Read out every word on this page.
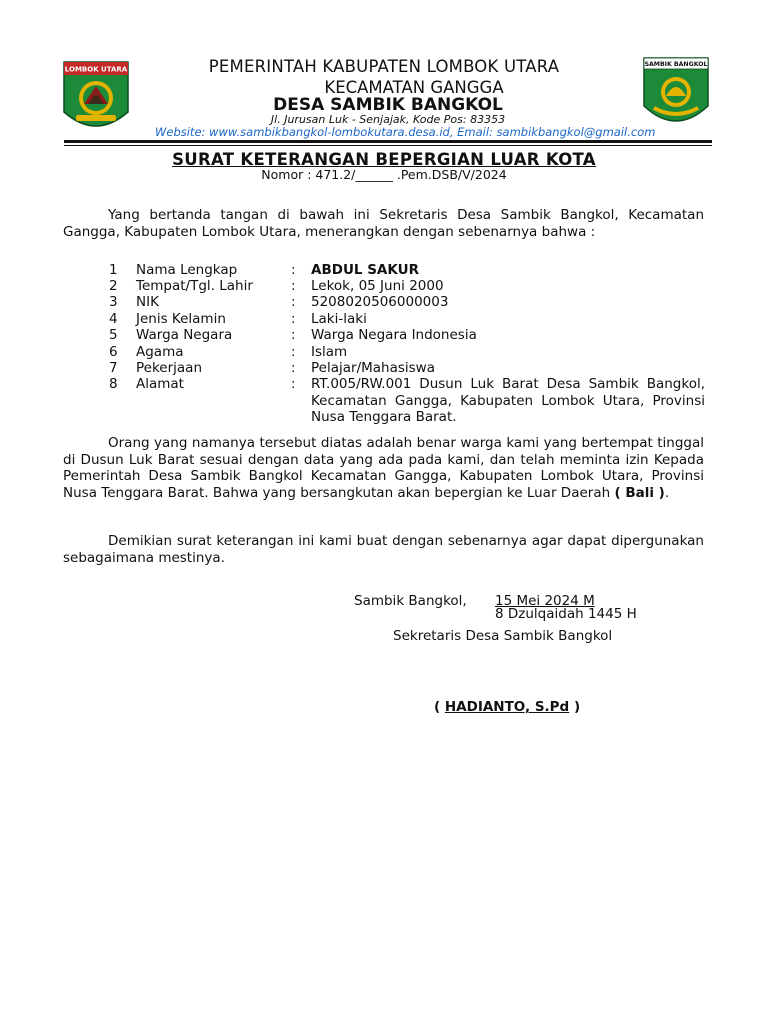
LOMBOK UTARA
SAMBIK BANGKOL
PEMERINTAH KABUPATEN LOMBOK UTARA
KECAMATAN GANGGA
DESA SAMBIK BANGKOL
Jl. Jurusan Luk - Senjajak, Kode Pos: 83353
Website: www.sambikbangkol-lombokutara.desa.id, Email: sambikbangkol@gmail.com
SURAT KETERANGAN BEPERGIAN LUAR KOTA
Nomor : 471.2/______ .Pem.DSB/V/2024
Yang bertanda tangan di bawah ini Sekretaris Desa Sambik Bangkol, Kecamatan Gangga, Kabupaten Lombok Utara, menerangkan dengan sebenarnya bahwa :
1 Nama Lengkap	: ABDUL SAKUR
2 Tempat/Tgl. Lahir	: Lekok, 05 Juni 2000
3 NIK	: 5208020506000003
4 Jenis Kelamin	: Laki-laki
5 Warga Negara	: Warga Negara Indonesia
6 Agama	: Islam
7 Pekerjaan	: Pelajar/Mahasiswa
8 Alamat	: RT.005/RW.001 Dusun Luk Barat Desa Sambik Bangkol, Kecamatan Gangga, Kabupaten Lombok Utara, Provinsi Nusa Tenggara Barat.
Orang yang namanya tersebut diatas adalah benar warga kami yang bertempat tinggal di Dusun Luk Barat sesuai dengan data yang ada pada kami, dan telah meminta izin Kepada Pemerintah Desa Sambik Bangkol Kecamatan Gangga, Kabupaten Lombok Utara, Provinsi Nusa Tenggara Barat. Bahwa yang bersangkutan akan bepergian ke Luar Daerah ( Bali ).
Demikian surat keterangan ini kami buat dengan sebenarnya agar dapat dipergunakan sebagaimana mestinya.
Sambik Bangkol, 15 Mei 2024 M
8 Dzulqaidah 1445 H
Sekretaris Desa Sambik Bangkol
( HADIANTO, S.Pd )
